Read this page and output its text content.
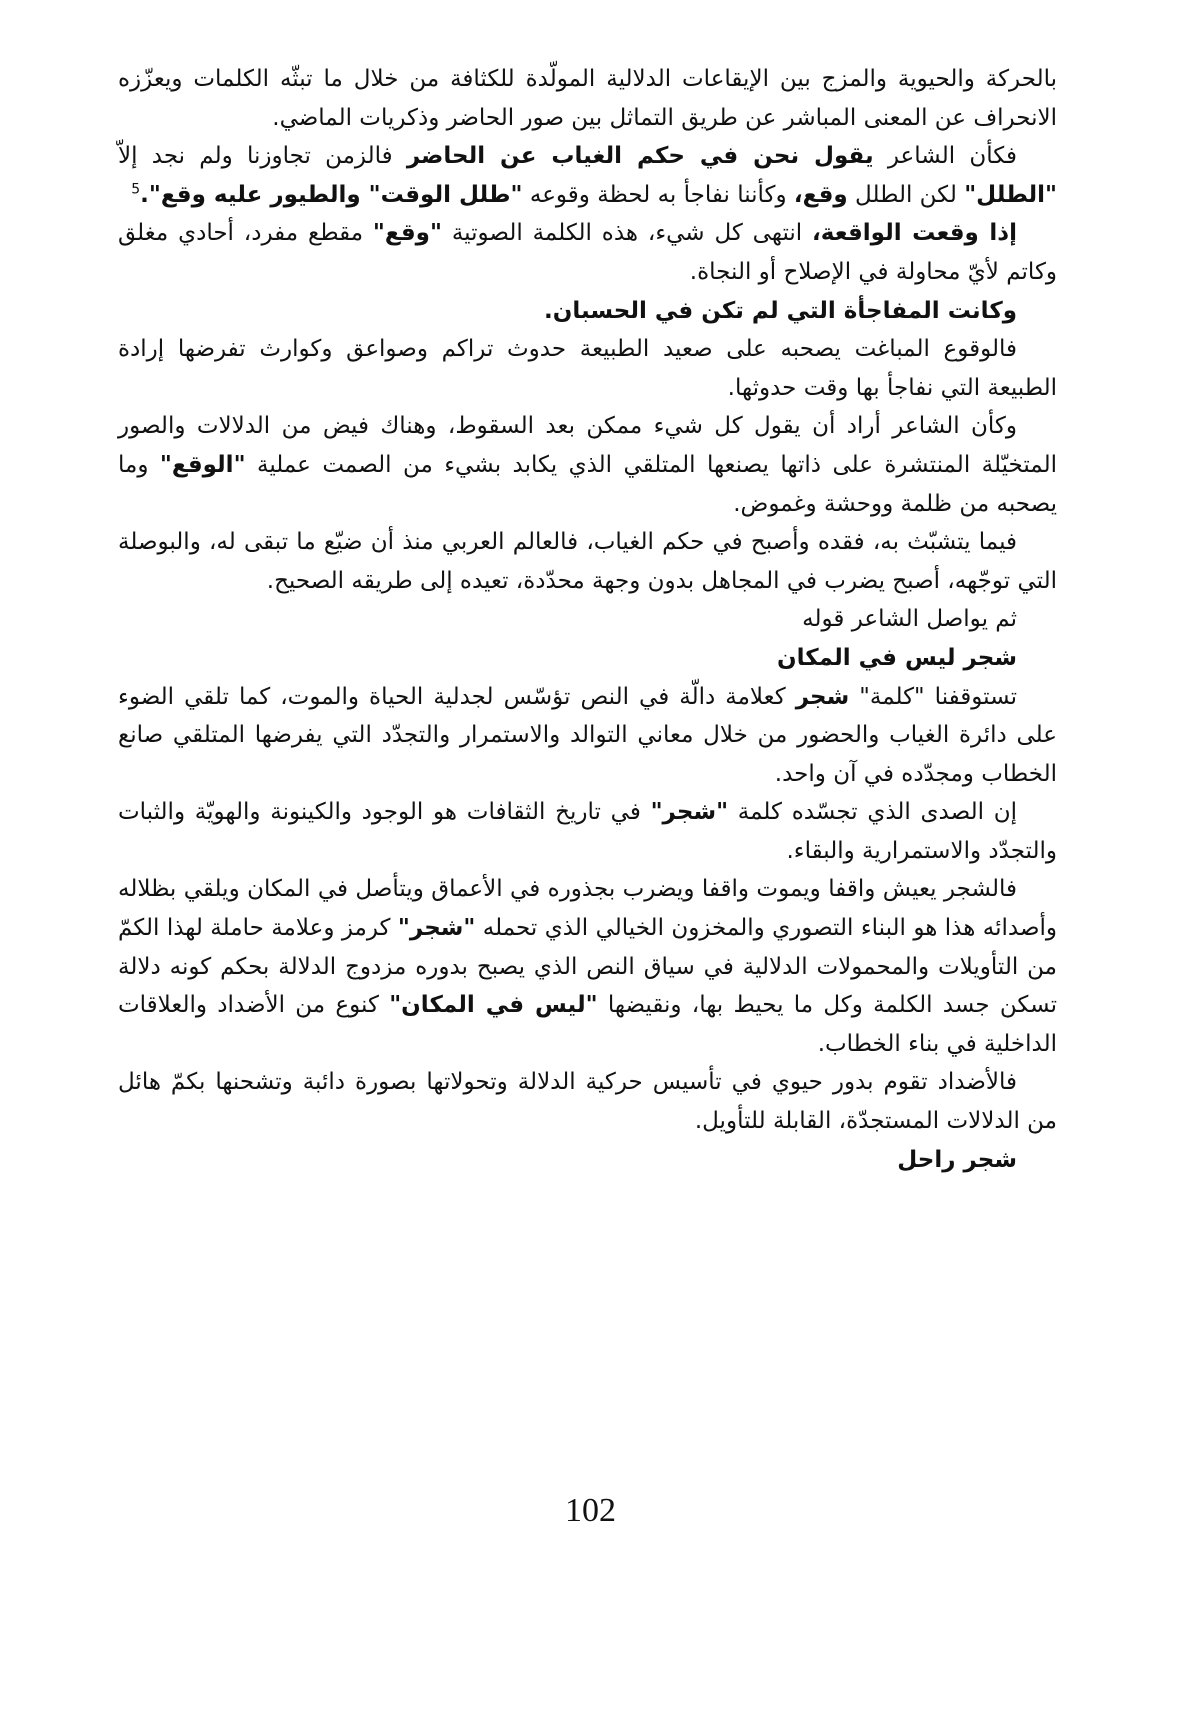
بالحركة والحيوية والمزج بين الإيقاعات الدلالية المولّدة للكثافة من خلال ما تبثّه الكلمات ويعزّزه الانحراف عن المعنى المباشر عن طريق التماثل بين صور الحاضر وذكريات الماضي.

فكأن الشاعر يقول نحن في حكم الغياب عن الحاضر فالزمن تجاوزنا ولم نجد إلاّ "الطلل" لكن الطلل وقع، وكأننا نفاجأ به لحظة وقوعه "طلل الوقت" والطيور عليه وقع".$^5$

إذا وقعت الواقعة، انتهى كل شيء، هذه الكلمة الصوتية "وقع" مقطع مفرد، أحادي مغلق وكاتم لأيّ محاولة في الإصلاح أو النجاة.

وكانت المفاجأة التي لم تكن في الحسبان.

فالوقوع المباغت يصحبه على صعيد الطبيعة حدوث تراكم وصواعق وكوارث تفرضها إرادة الطبيعة التي نفاجأ بها وقت حدوثها.

وكأن الشاعر أراد أن يقول كل شيء ممكن بعد السقوط، وهناك فيض من الدلالات والصور المتخيّلة المنتشرة على ذاتها يصنعها المتلقي الذي يكابد بشيء من الصمت عملية "الوقع" وما يصحبه من ظلمة ووحشة وغموض.

فيما يتشبّث به، فقده وأصبح في حكم الغياب، فالعالم العربي منذ أن ضيّع ما تبقى له، والبوصلة التي توجّهه، أصبح يضرب في المجاهل بدون وجهة محدّدة، تعيده إلى طريقه الصحيح.

ثم يواصل الشاعر قوله

شجر ليس في المكان

تستوقفنا "كلمة" شجر كعلامة دالّة في النص تؤسّس لجدلية الحياة والموت، كما تلقي الضوء على دائرة الغياب والحضور من خلال معاني التوالد والاستمرار والتجدّد التي يفرضها المتلقي صانع الخطاب ومجدّده في آن واحد.

إن الصدى الذي تجسّده كلمة "شجر" في تاريخ الثقافات هو الوجود والكينونة والهويّة والثبات والتجدّد والاستمرارية والبقاء.

فالشجر يعيش واقفا ويموت واقفا ويضرب بجذوره في الأعماق ويتأصل في المكان ويلقي بظلاله وأصدائه هذا هو البناء التصوري والمخزون الخيالي الذي تحمله "شجر" كرمز وعلامة حاملة لهذا الكمّ من التأويلات والمحمولات الدلالية في سياق النص الذي يصبح بدوره مزدوج الدلالة بحكم كونه دلالة تسكن جسد الكلمة وكل ما يحيط بها، ونقيضها "ليس في المكان" كنوع من الأضداد والعلاقات الداخلية في بناء الخطاب.

فالأضداد تقوم بدور حيوي في تأسيس حركية الدلالة وتحولاتها بصورة دائبة وتشحنها بكمّ هائل من الدلالات المستجدّة، القابلة للتأويل.

شجر راحل

102
